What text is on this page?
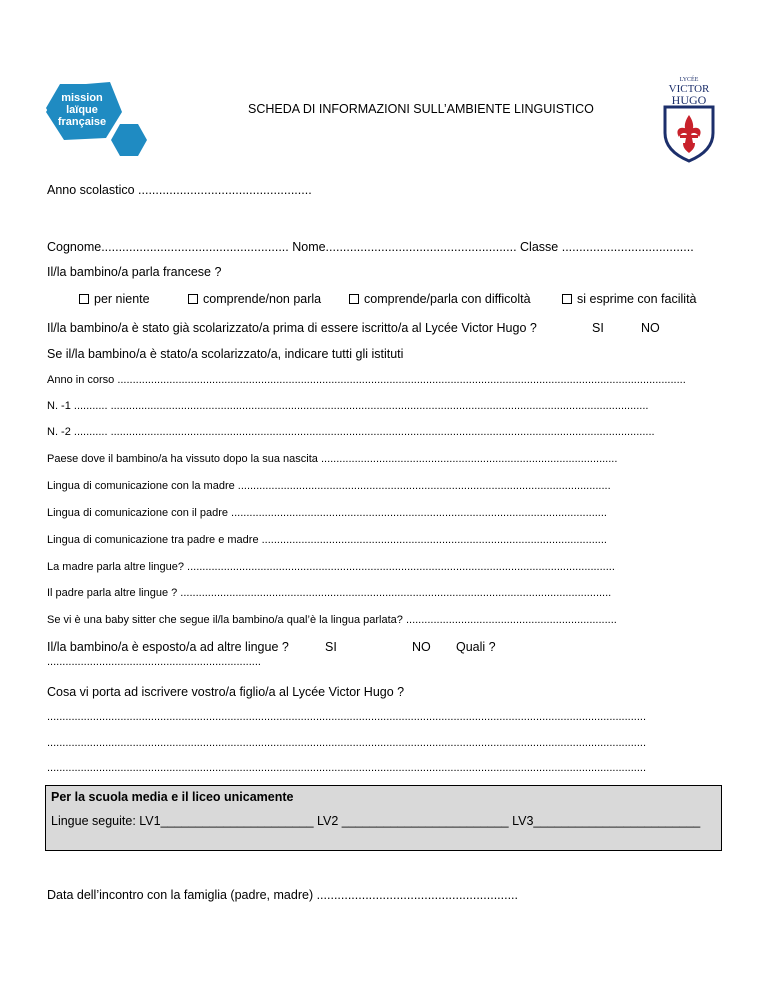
mission
laïque
française
SCHEDA DI INFORMAZIONI SULL’AMBIENTE LINGUISTICO
LYCÉE
VICTOR
HUGO
Anno scolastico ..................................................
Cognome...................................................... Nome....................................................... Classe ......................................
Il/la bambino/a parla francese ?
per niente	comprende/non parla	comprende/parla con difficoltà	si esprime con facilità
Il/la bambino/a è stato già scolarizzato/a prima di essere iscritto/a al Lycée Victor Hugo ?	SI	NO
Se il/la bambino/a è stato/a scolarizzato/a, indicare tutti gli istituti
Anno in corso ..........................................................................................................................................................................................
N. -1 ........... ................................................................................................................................................................................
N. -2 ........... ..................................................................................................................................................................................
Paese dove il bambino/a ha vissuto dopo la sua nascita .................................................................................................
Lingua di comunicazione con la madre ..........................................................................................................................
Lingua di comunicazione con il padre ...........................................................................................................................
Lingua di comunicazione tra padre e madre .................................................................................................................
La madre parla altre lingue? ............................................................................................................................................
Il padre parla altre lingue ? .............................................................................................................................................
Se vi è una baby sitter che segue il/la bambino/a qual’è la lingua parlata? .....................................................................
Il/la bambino/a è esposto/a ad altre lingue ?	SI	NO Quali ?
......................................................................
Cosa vi porta ad iscrivere vostro/a figlio/a al Lycée Victor Hugo ?
....................................................................................................................................................................................................
....................................................................................................................................................................................................
....................................................................................................................................................................................................
Per la scuola media e il liceo unicamente
Lingue seguite: LV1______________________ LV2 ________________________ LV3________________________
Data dell’incontro con la famiglia (padre, madre) ..........................................................
